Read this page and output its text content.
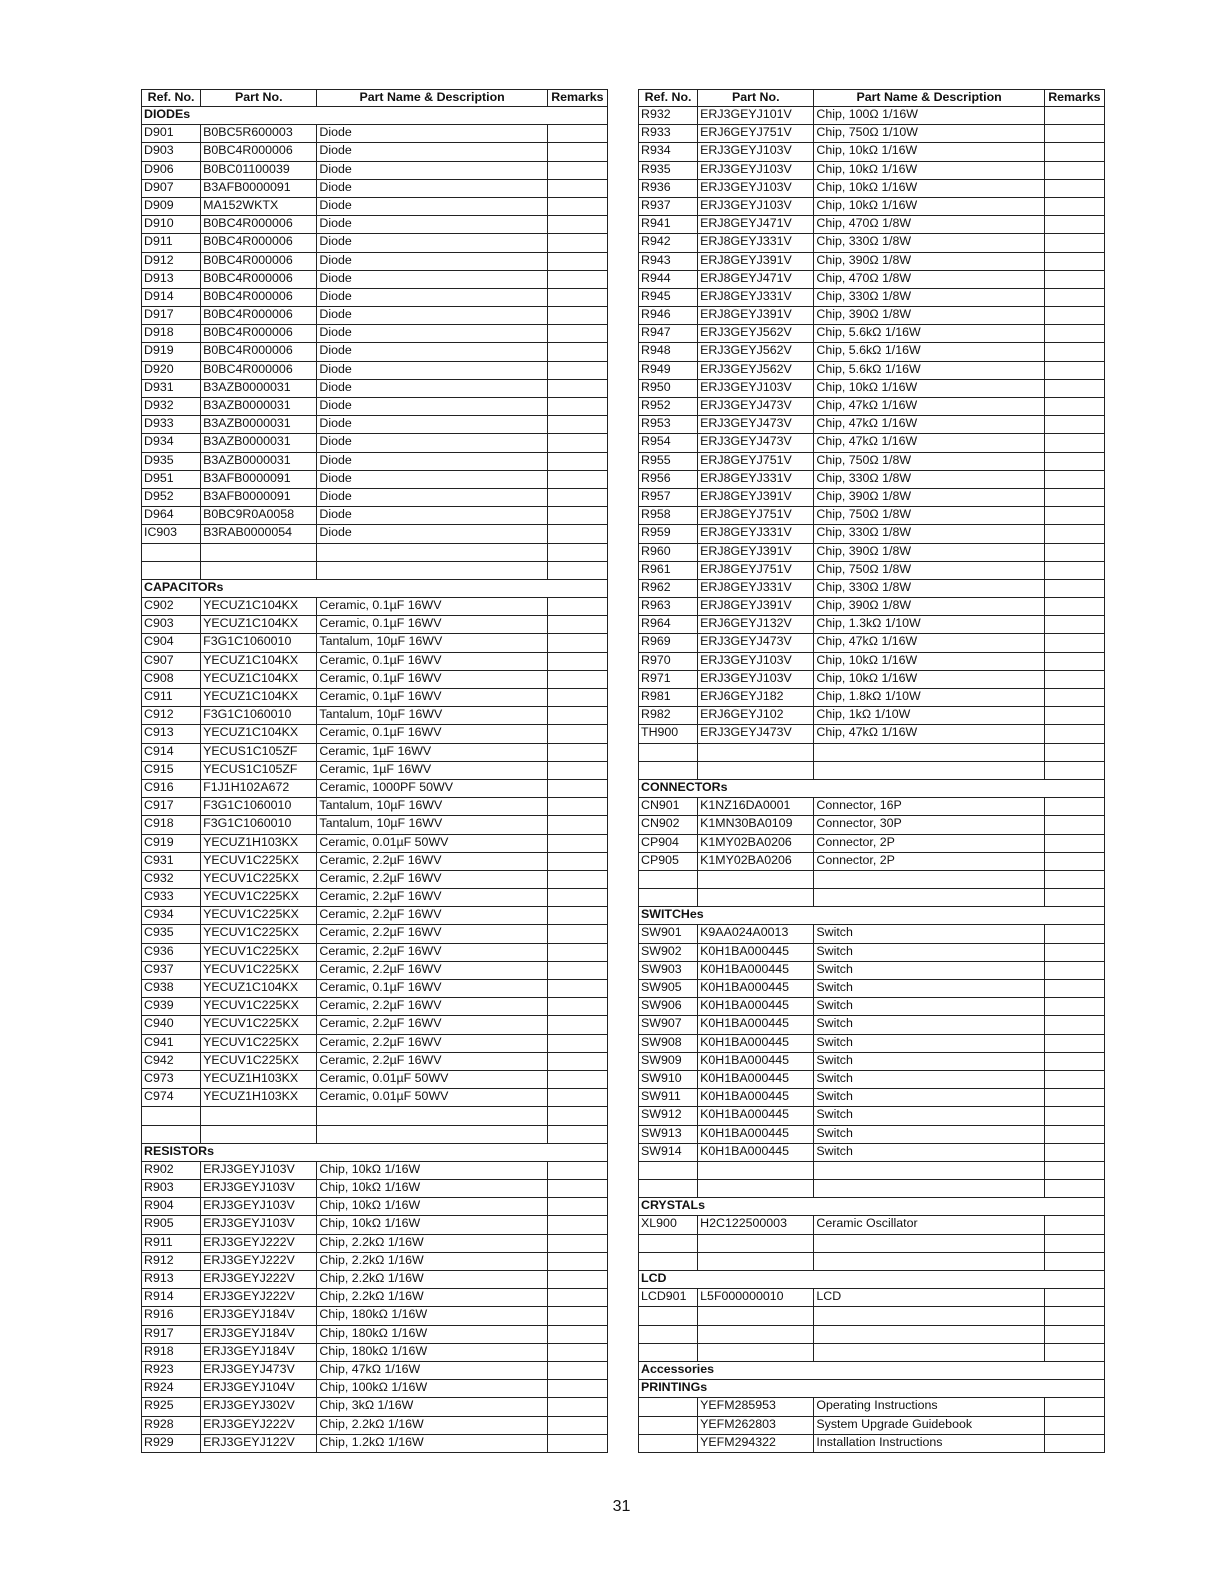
Ref. No.	Part No.	Part Name & Description	Remarks
DIODEs			
D901	B0BC5R600003	Diode	
D903	B0BC4R000006	Diode	
D906	B0BC01100039	Diode	
D907	B3AFB0000091	Diode	
D909	MA152WKTX	Diode	
D910	B0BC4R000006	Diode	
D911	B0BC4R000006	Diode	
D912	B0BC4R000006	Diode	
D913	B0BC4R000006	Diode	
D914	B0BC4R000006	Diode	
D917	B0BC4R000006	Diode	
D918	B0BC4R000006	Diode	
D919	B0BC4R000006	Diode	
D920	B0BC4R000006	Diode	
D931	B3AZB0000031	Diode	
D932	B3AZB0000031	Diode	
D933	B3AZB0000031	Diode	
D934	B3AZB0000031	Diode	
D935	B3AZB0000031	Diode	
D951	B3AFB0000091	Diode	
D952	B3AFB0000091	Diode	
D964	B0BC9R0A0058	Diode	
IC903	B3RAB0000054	Diode	

CAPACITORs			
C902	YECUZ1C104KX	Ceramic, 0.1µF 16WV	
C903	YECUZ1C104KX	Ceramic, 0.1µF 16WV	
C904	F3G1C1060010	Tantalum, 10µF 16WV	
C907	YECUZ1C104KX	Ceramic, 0.1µF 16WV	
C908	YECUZ1C104KX	Ceramic, 0.1µF 16WV	
C911	YECUZ1C104KX	Ceramic, 0.1µF 16WV	
C912	F3G1C1060010	Tantalum, 10µF 16WV	
C913	YECUZ1C104KX	Ceramic, 0.1µF 16WV	
C914	YECUS1C105ZF	Ceramic, 1µF 16WV	
C915	YECUS1C105ZF	Ceramic, 1µF 16WV	
C916	F1J1H102A672	Ceramic, 1000PF 50WV	
C917	F3G1C1060010	Tantalum, 10µF 16WV	
C918	F3G1C1060010	Tantalum, 10µF 16WV	
C919	YECUZ1H103KX	Ceramic, 0.01µF 50WV	
C931	YECUV1C225KX	Ceramic, 2.2µF 16WV	
C932	YECUV1C225KX	Ceramic, 2.2µF 16WV	
C933	YECUV1C225KX	Ceramic, 2.2µF 16WV	
C934	YECUV1C225KX	Ceramic, 2.2µF 16WV	
C935	YECUV1C225KX	Ceramic, 2.2µF 16WV	
C936	YECUV1C225KX	Ceramic, 2.2µF 16WV	
C937	YECUV1C225KX	Ceramic, 2.2µF 16WV	
C938	YECUZ1C104KX	Ceramic, 0.1µF 16WV	
C939	YECUV1C225KX	Ceramic, 2.2µF 16WV	
C940	YECUV1C225KX	Ceramic, 2.2µF 16WV	
C941	YECUV1C225KX	Ceramic, 2.2µF 16WV	
C942	YECUV1C225KX	Ceramic, 2.2µF 16WV	
C973	YECUZ1H103KX	Ceramic, 0.01µF 50WV	
C974	YECUZ1H103KX	Ceramic, 0.01µF 50WV	

RESISTORs			
R902	ERJ3GEYJ103V	Chip, 10kΩ 1/16W	
R903	ERJ3GEYJ103V	Chip, 10kΩ 1/16W	
R904	ERJ3GEYJ103V	Chip, 10kΩ 1/16W	
R905	ERJ3GEYJ103V	Chip, 10kΩ 1/16W	
R911	ERJ3GEYJ222V	Chip, 2.2kΩ 1/16W	
R912	ERJ3GEYJ222V	Chip, 2.2kΩ 1/16W	
R913	ERJ3GEYJ222V	Chip, 2.2kΩ 1/16W	
R914	ERJ3GEYJ222V	Chip, 2.2kΩ 1/16W	
R916	ERJ3GEYJ184V	Chip, 180kΩ 1/16W	
R917	ERJ3GEYJ184V	Chip, 180kΩ 1/16W	
R918	ERJ3GEYJ184V	Chip, 180kΩ 1/16W	
R923	ERJ3GEYJ473V	Chip, 47kΩ 1/16W	
R924	ERJ3GEYJ104V	Chip, 100kΩ 1/16W	
R925	ERJ3GEYJ302V	Chip, 3kΩ 1/16W	
R928	ERJ3GEYJ222V	Chip, 2.2kΩ 1/16W	
R929	ERJ3GEYJ122V	Chip, 1.2kΩ 1/16W	
Ref. No.	Part No.	Part Name & Description	Remarks
R932	ERJ3GEYJ101V	Chip, 100Ω 1/16W	
R933	ERJ6GEYJ751V	Chip, 750Ω 1/10W	
R934	ERJ3GEYJ103V	Chip, 10kΩ 1/16W	
R935	ERJ3GEYJ103V	Chip, 10kΩ 1/16W	
R936	ERJ3GEYJ103V	Chip, 10kΩ 1/16W	
R937	ERJ3GEYJ103V	Chip, 10kΩ 1/16W	
R941	ERJ8GEYJ471V	Chip, 470Ω 1/8W	
R942	ERJ8GEYJ331V	Chip, 330Ω 1/8W	
R943	ERJ8GEYJ391V	Chip, 390Ω 1/8W	
R944	ERJ8GEYJ471V	Chip, 470Ω 1/8W	
R945	ERJ8GEYJ331V	Chip, 330Ω 1/8W	
R946	ERJ8GEYJ391V	Chip, 390Ω 1/8W	
R947	ERJ3GEYJ562V	Chip, 5.6kΩ 1/16W	
R948	ERJ3GEYJ562V	Chip, 5.6kΩ 1/16W	
R949	ERJ3GEYJ562V	Chip, 5.6kΩ 1/16W	
R950	ERJ3GEYJ103V	Chip, 10kΩ 1/16W	
R952	ERJ3GEYJ473V	Chip, 47kΩ 1/16W	
R953	ERJ3GEYJ473V	Chip, 47kΩ 1/16W	
R954	ERJ3GEYJ473V	Chip, 47kΩ 1/16W	
R955	ERJ8GEYJ751V	Chip, 750Ω 1/8W	
R956	ERJ8GEYJ331V	Chip, 330Ω 1/8W	
R957	ERJ8GEYJ391V	Chip, 390Ω 1/8W	
R958	ERJ8GEYJ751V	Chip, 750Ω 1/8W	
R959	ERJ8GEYJ331V	Chip, 330Ω 1/8W	
R960	ERJ8GEYJ391V	Chip, 390Ω 1/8W	
R961	ERJ8GEYJ751V	Chip, 750Ω 1/8W	
R962	ERJ8GEYJ331V	Chip, 330Ω 1/8W	
R963	ERJ8GEYJ391V	Chip, 390Ω 1/8W	
R964	ERJ6GEYJ132V	Chip, 1.3kΩ 1/10W	
R969	ERJ3GEYJ473V	Chip, 47kΩ 1/16W	
R970	ERJ3GEYJ103V	Chip, 10kΩ 1/16W	
R971	ERJ3GEYJ103V	Chip, 10kΩ 1/16W	
R981	ERJ6GEYJ182	Chip, 1.8kΩ 1/10W	
R982	ERJ6GEYJ102	Chip, 1kΩ 1/10W	
TH900	ERJ3GEYJ473V	Chip, 47kΩ 1/16W	

CONNECTORs			
CN901	K1NZ16DA0001	Connector, 16P	
CN902	K1MN30BA0109	Connector, 30P	
CP904	K1MY02BA0206	Connector, 2P	
CP905	K1MY02BA0206	Connector, 2P	

SWITCHes			
SW901	K9AA024A0013	Switch	
SW902	K0H1BA000445	Switch	
SW903	K0H1BA000445	Switch	
SW905	K0H1BA000445	Switch	
SW906	K0H1BA000445	Switch	
SW907	K0H1BA000445	Switch	
SW908	K0H1BA000445	Switch	
SW909	K0H1BA000445	Switch	
SW910	K0H1BA000445	Switch	
SW911	K0H1BA000445	Switch	
SW912	K0H1BA000445	Switch	
SW913	K0H1BA000445	Switch	
SW914	K0H1BA000445	Switch	

CRYSTALs			
XL900	H2C122500003	Ceramic Oscillator	

LCD			
LCD901	L5F000000010	LCD	

Accessories			
PRINTINGs			
	YEFM285953	Operating Instructions	
	YEFM262803	System Upgrade Guidebook	
	YEFM294322	Installation Instructions	
31
